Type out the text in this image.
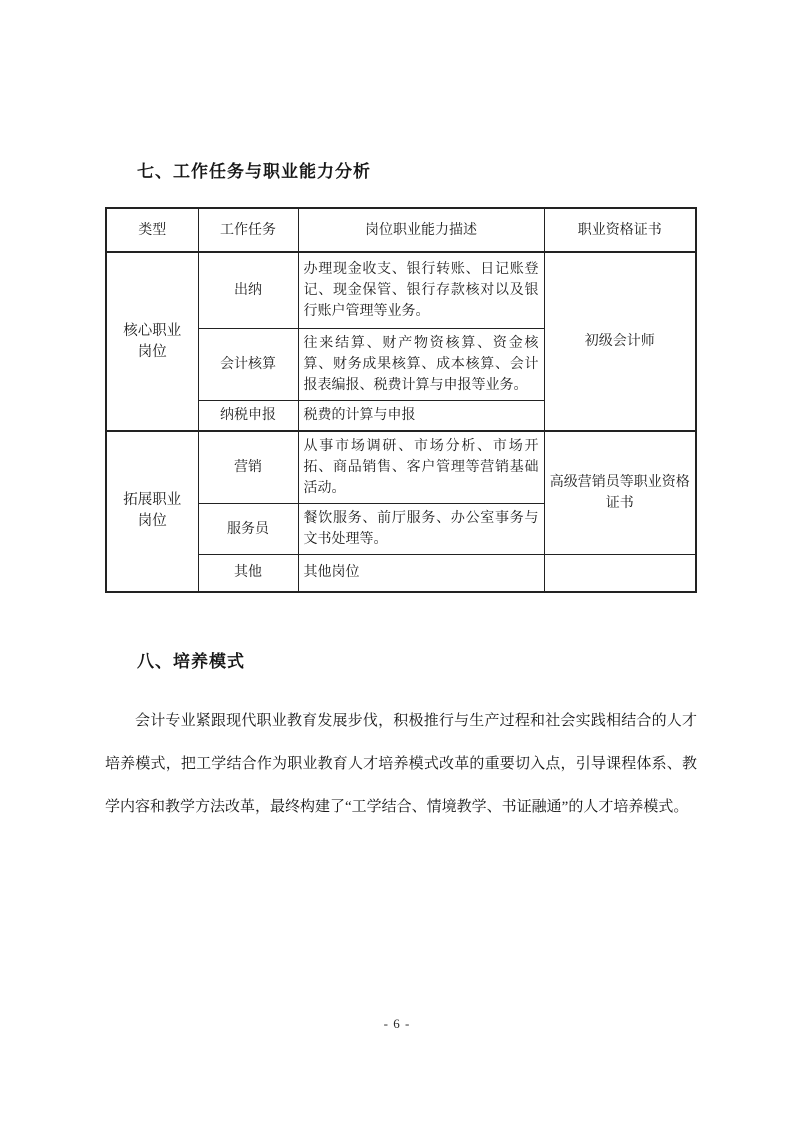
七、工作任务与职业能力分析
类型	工作任务	岗位职业能力描述	职业资格证书
核心职业岗位	出纳	办理现金收支、银行转账、日记账登记、现金保管、银行存款核对以及银行账户管理等业务。	初级会计师
	会计核算	往来结算、财产物资核算、资金核算、财务成果核算、成本核算、会计报表编报、税费计算与申报等业务。	
	纳税申报	税费的计算与申报	
拓展职业岗位	营销	从事市场调研、市场分析、市场开拓、商品销售、客户管理等营销基础活动。	高级营销员等职业资格证书
	服务员	餐饮服务、前厅服务、办公室事务与文书处理等。	
	其他	其他岗位	
八、培养模式

会计专业紧跟现代职业教育发展步伐，积极推行与生产过程和社会实践相结合的人才培养模式，把工学结合作为职业教育人才培养模式改革的重要切入点，引导课程体系、教学内容和教学方法改革，最终构建了“工学结合、情境教学、书证融通”的人才培养模式。

- 6 -
